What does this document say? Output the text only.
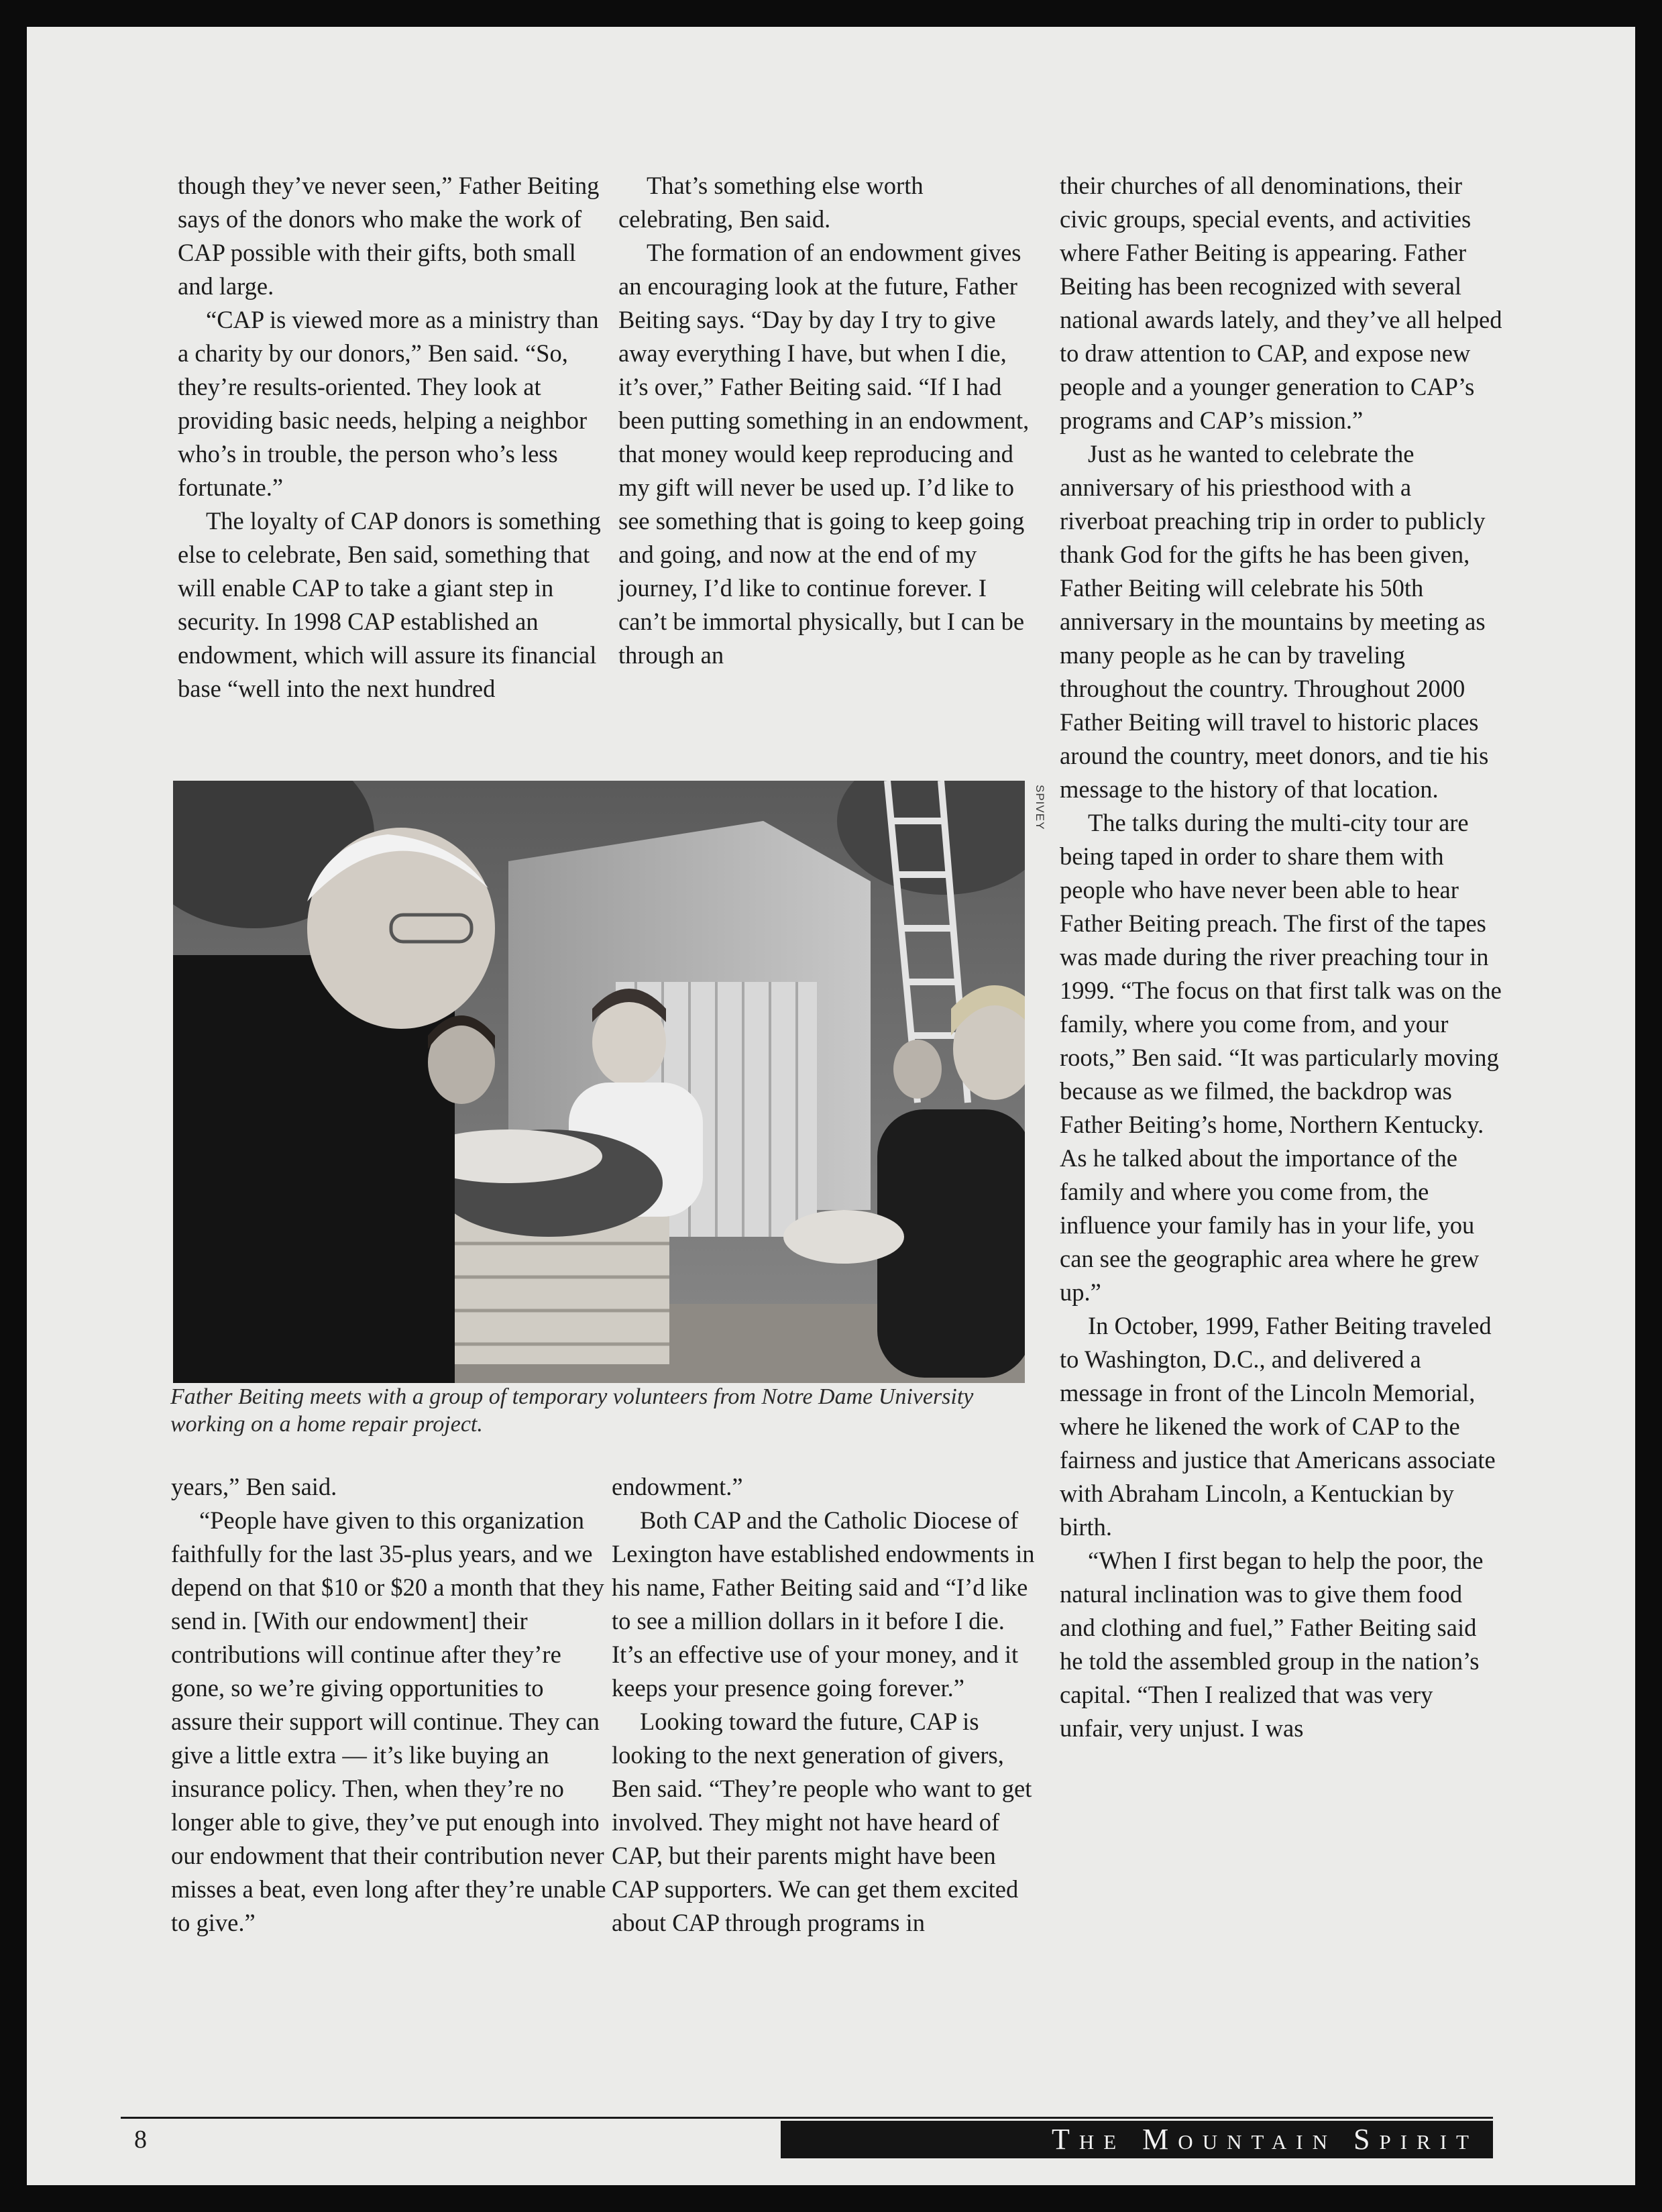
though they’ve never seen,” Father Beiting says of the donors who make the work of CAP possible with their gifts, both small and large.

“CAP is viewed more as a ministry than a charity by our donors,” Ben said. “So, they’re results-oriented. They look at providing basic needs, helping a neighbor who’s in trouble, the person who’s less fortunate.”

The loyalty of CAP donors is something else to celebrate, Ben said, something that will enable CAP to take a giant step in security. In 1998 CAP established an endowment, which will assure its financial base “well into the next hundred

That’s something else worth celebrating, Ben said.

The formation of an endowment gives an encouraging look at the future, Father Beiting says. “Day by day I try to give away everything I have, but when I die, it’s over,” Father Beiting said. “If I had been putting something in an endowment, that money would keep reproducing and my gift will never be used up. I’d like to see something that is going to keep going and going, and now at the end of my journey, I’d like to continue forever. I can’t be immortal physically, but I can be through an

their churches of all denominations, their civic groups, special events, and activities where Father Beiting is appearing. Father Beiting has been recognized with several national awards lately, and they’ve all helped to draw attention to CAP, and expose new people and a younger generation to CAP’s programs and CAP’s mission.”

Just as he wanted to celebrate the anniversary of his priesthood with a riverboat preaching trip in order to publicly thank God for the gifts he has been given, Father Beiting will celebrate his 50th anniversary in the mountains by meeting as many people as he can by traveling throughout the country. Throughout 2000 Father Beiting will travel to historic places around the country, meet donors, and tie his message to the history of that location.

The talks during the multi-city tour are being taped in order to share them with people who have never been able to hear Father Beiting preach. The first of the tapes was made during the river preaching tour in 1999. “The focus on that first talk was on the family, where you come from, and your roots,” Ben said. “It was particularly moving because as we filmed, the backdrop was Father Beiting’s home, Northern Kentucky. As he talked about the importance of the family and where you come from, the influence your family has in your life, you can see the geographic area where he grew up.”

In October, 1999, Father Beiting traveled to Washington, D.C., and delivered a message in front of the Lincoln Memorial, where he likened the work of CAP to the fairness and justice that Americans associate with Abraham Lincoln, a Kentuckian by birth.

“When I first began to help the poor, the natural inclination was to give them food and clothing and fuel,” Father Beiting said he told the assembled group in the nation’s capital. “Then I realized that was very unfair, very unjust. I was

SPIVEY

Father Beiting meets with a group of temporary volunteers from Notre Dame University working on a home repair project.

years,” Ben said.

“People have given to this organization faithfully for the last 35-plus years, and we depend on that $10 or $20 a month that they send in. [With our endowment] their contributions will continue after they’re gone, so we’re giving opportunities to assure their support will continue. They can give a little extra — it’s like buying an insurance policy. Then, when they’re no longer able to give, they’ve put enough into our endowment that their contribution never misses a beat, even long after they’re unable to give.”

endowment.”

Both CAP and the Catholic Diocese of Lexington have established endowments in his name, Father Beiting said and “I’d like to see a million dollars in it before I die. It’s an effective use of your money, and it keeps your presence going forever.”

Looking toward the future, CAP is looking to the next generation of givers, Ben said. “They’re people who want to get involved. They might not have heard of CAP, but their parents might have been CAP supporters. We can get them excited about CAP through programs in

8	The Mountain Spirit
